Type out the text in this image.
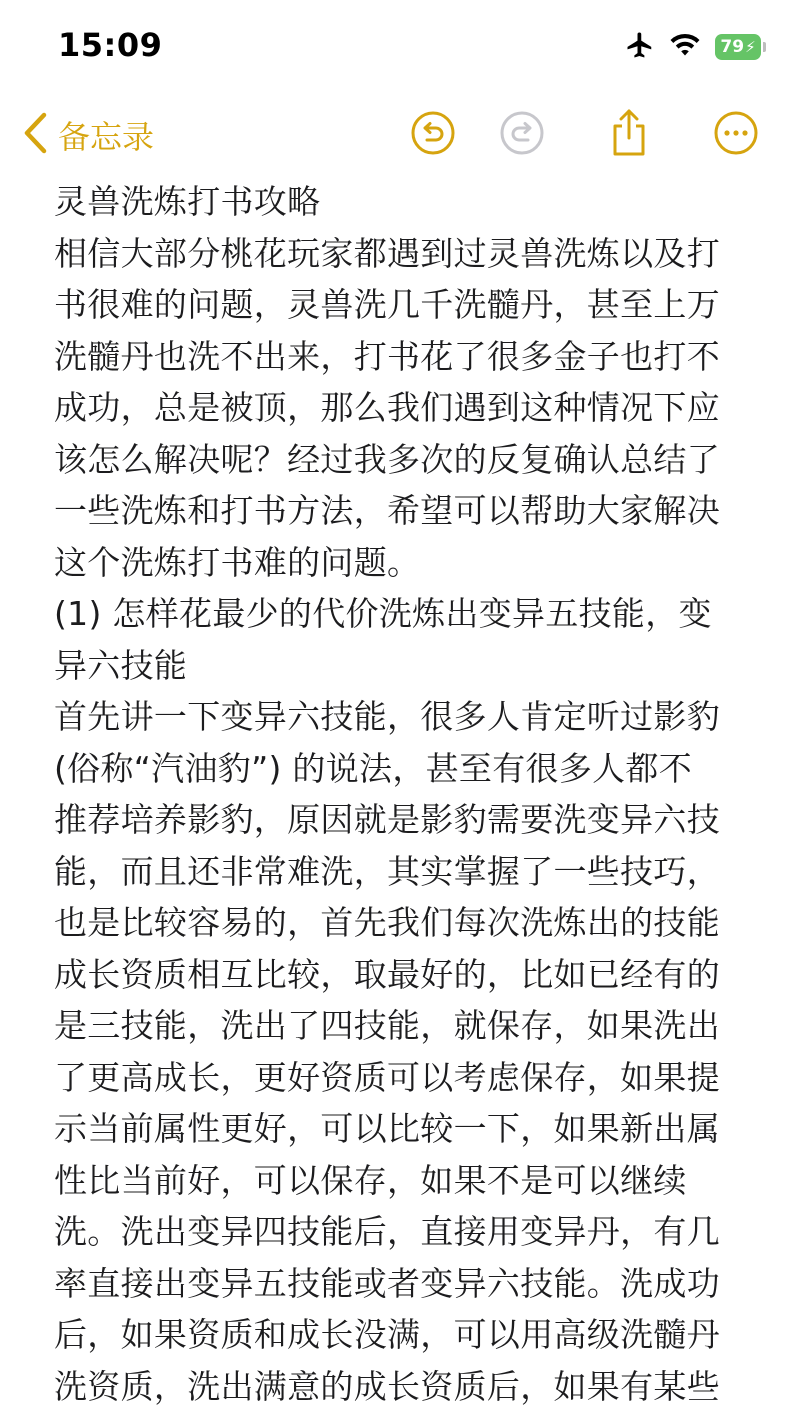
15:09	79 ⚡
备忘录
灵兽洗炼打书攻略
相信大部分桃花玩家都遇到过灵兽洗炼以及打
书很难的问题，灵兽洗几千洗髓丹，甚至上万
洗髓丹也洗不出来，打书花了很多金子也打不
成功，总是被顶，那么我们遇到这种情况下应
该怎么解决呢？经过我多次的反复确认总结了
一些洗炼和打书方法，希望可以帮助大家解决
这个洗炼打书难的问题。
(1) 怎样花最少的代价洗炼出变异五技能，变
异六技能
首先讲一下变异六技能，很多人肯定听过影豹
(俗称“汽油豹”) 的说法，甚至有很多人都不
推荐培养影豹，原因就是影豹需要洗变异六技
能，而且还非常难洗，其实掌握了一些技巧，
也是比较容易的，首先我们每次洗炼出的技能
成长资质相互比较，取最好的，比如已经有的
是三技能，洗出了四技能，就保存，如果洗出
了更高成长，更好资质可以考虑保存，如果提
示当前属性更好，可以比较一下，如果新出属
性比当前好，可以保存，如果不是可以继续
洗。洗出变异四技能后，直接用变异丹，有几
率直接出变异五技能或者变异六技能。洗成功
后，如果资质和成长没满，可以用高级洗髓丹
洗资质，洗出满意的成长资质后，如果有某些
